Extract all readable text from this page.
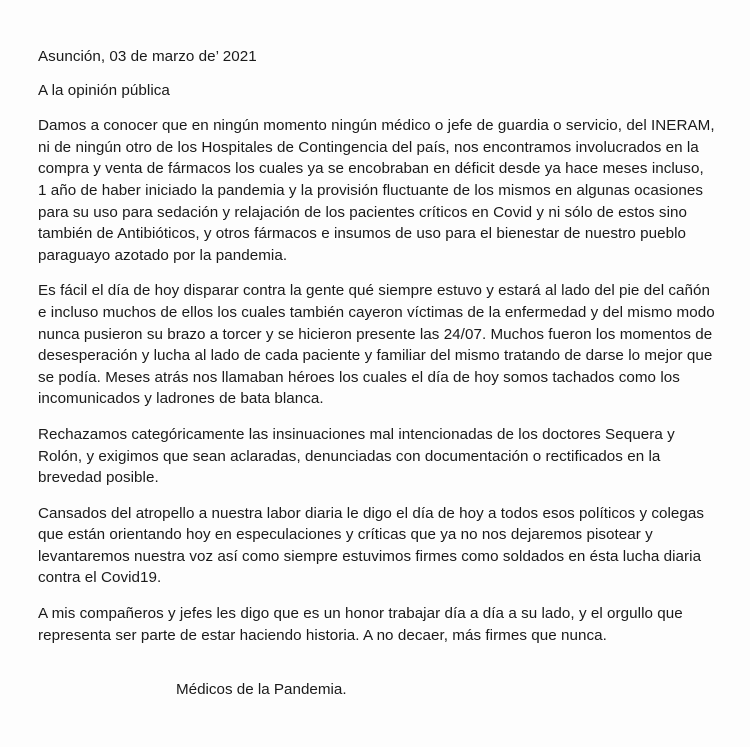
Asunción, 03 de marzo de’ 2021

A la opinión pública

Damos a conocer que en ningún momento ningún médico o jefe de guardia o servicio, del INERAM, ni de ningún otro de los Hospitales de Contingencia del país, nos encontramos involucrados en la compra y venta de fármacos los cuales ya se encobraban en déficit desde ya hace meses incluso, 1 año de haber iniciado la pandemia y la provisión fluctuante de los mismos en algunas ocasiones para su uso para sedación y relajación de los pacientes críticos en Covid y ni sólo de estos sino también de Antibióticos, y otros fármacos e insumos de uso para el bienestar de nuestro pueblo paraguayo azotado por la pandemia.

Es fácil el día de hoy disparar contra la gente qué siempre estuvo y estará al lado del pie del cañón e incluso muchos de ellos los cuales también cayeron víctimas de la enfermedad y del mismo modo nunca pusieron su brazo a torcer y se hicieron presente las 24/07. Muchos fueron los momentos de desesperación y lucha al lado de cada paciente y familiar del mismo tratando de darse lo mejor que se podía. Meses atrás nos llamaban héroes los cuales el día de hoy somos tachados como los incomunicados y ladrones de bata blanca.

Rechazamos categóricamente las insinuaciones mal intencionadas de los doctores Sequera y Rolón, y exigimos que sean aclaradas, denunciadas con documentación o rectificados en la brevedad posible.

Cansados del atropello a nuestra labor diaria le digo el día de hoy a todos esos políticos y colegas que están orientando hoy en especulaciones y críticas que ya no nos dejaremos pisotear y levantaremos nuestra voz así como siempre estuvimos firmes como soldados en ésta lucha diaria contra el Covid19.

A mis compañeros y jefes les digo que es un honor trabajar día a día a su lado, y el orgullo que representa ser parte de estar haciendo historia. A no decaer, más firmes que nunca.

Médicos de la Pandemia.
